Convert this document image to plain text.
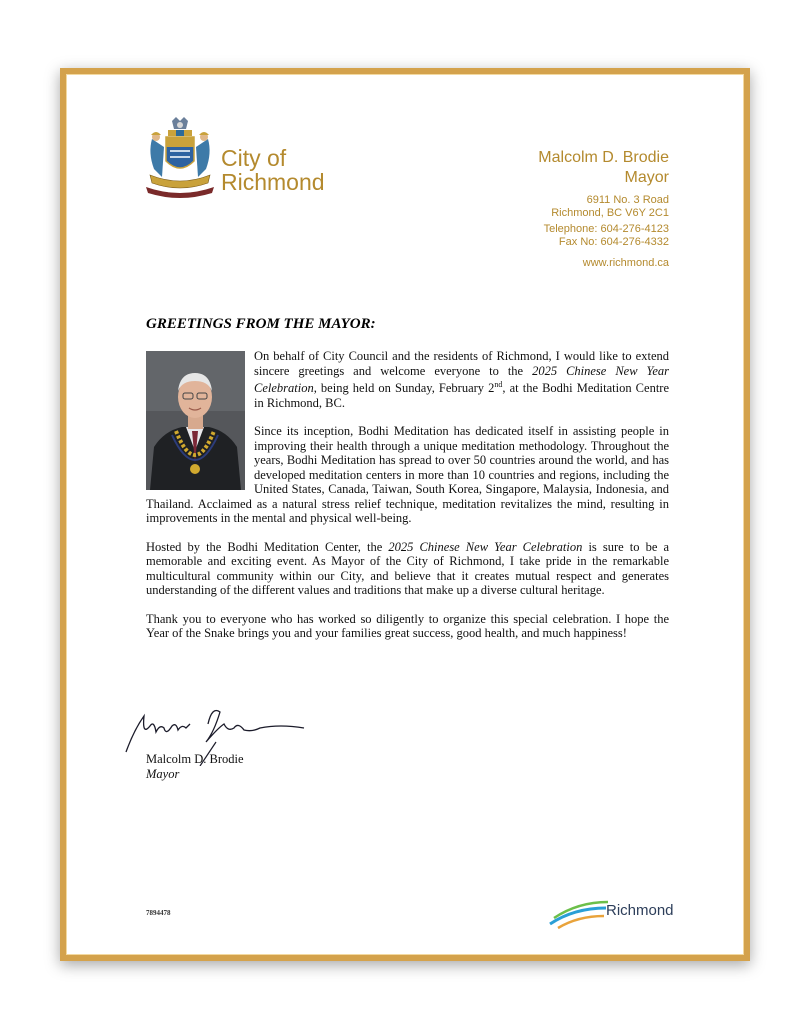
TO THE TOP
City of
Richmond
Malcolm D. Brodie
Mayor
6911 No. 3 Road
Richmond, BC V6Y 2C1
Telephone: 604-276-4123
Fax No: 604-276-4332
www.richmond.ca
GREETINGS FROM THE MAYOR:

On behalf of City Council and the residents of Richmond, I would like to extend sincere greetings and welcome everyone to the 2025 Chinese New Year Celebration, being held on Sunday, February 2nd, at the Bodhi Meditation Centre in Richmond, BC.

Since its inception, Bodhi Meditation has dedicated itself in assisting people in improving their health through a unique meditation methodology. Throughout the years, Bodhi Meditation has spread to over 50 countries around the world, and has developed meditation centers in more than 10 countries and regions, including the United States, Canada, Taiwan, South Korea, Singapore, Malaysia, Indonesia, and Thailand. Acclaimed as a natural stress relief technique, meditation revitalizes the mind, resulting in improvements in the mental and physical well-being.

Hosted by the Bodhi Meditation Center, the 2025 Chinese New Year Celebration is sure to be a memorable and exciting event. As Mayor of the City of Richmond, I take pride in the remarkable multicultural community within our City, and believe that it creates mutual respect and generates understanding of the different values and traditions that make up a diverse cultural heritage.

Thank you to everyone who has worked so diligently to organize this special celebration. I hope the Year of the Snake brings you and your families great success, good health, and much happiness!

Malcolm D. Brodie
Mayor
7894478	Richmond
